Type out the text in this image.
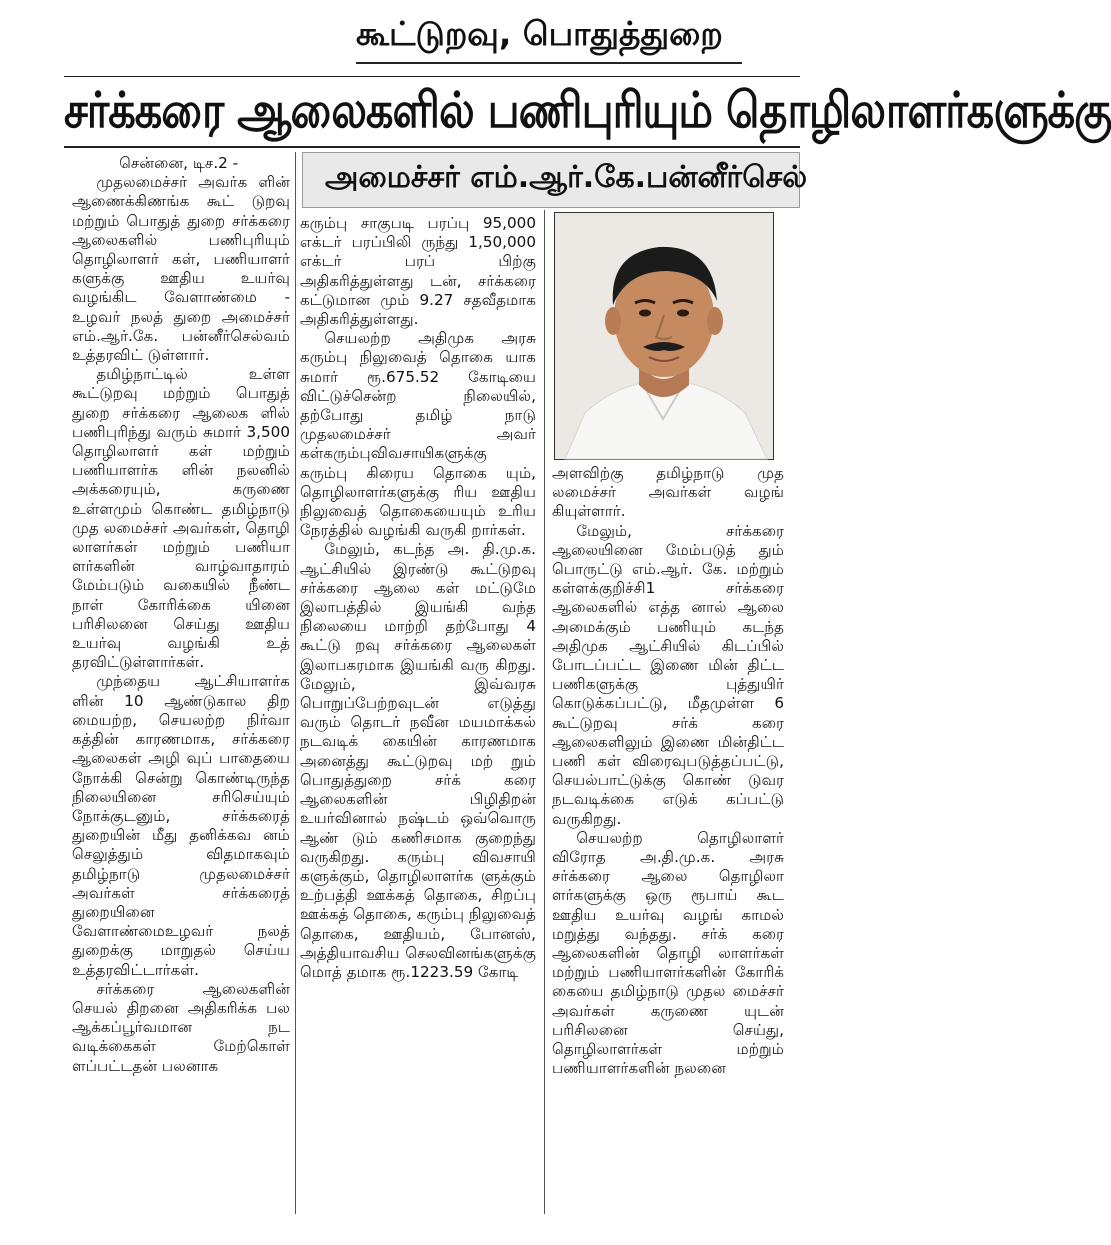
கூட்டுறவு, பொதுத்துறை
சர்க்கரை ஆலைகளில் பணிபுரியும் தொழிலாளர்களுக்கு
அமைச்சர் எம்.ஆர்.கே.பன்னீர்செல்

சென்னை, டிச.2 -

முதலமைச்சர் அவர்க ளின் ஆணைக்கிணங்க கூட் டுறவு மற்றும் பொதுத் துறை சர்க்கரை ஆலைகளில் பணிபுரியும் தொழிலாளர் கள், பணியாளர் களுக்கு ஊதிய உயர்வு வழங்கிட வேளாண்மை - உழவர் நலத் துறை அமைச்சர் எம்.ஆர்.கே. பன்னீர்செல்வம் உத்தரவிட் டுள்ளார்.

தமிழ்நாட்டில் உள்ள கூட்டுறவு மற்றும் பொதுத் துறை சர்க்கரை ஆலைக ளில் பணிபுரிந்து வரும் சுமார் 3,500 தொழிலாளர் கள் மற்றும் பணியாளர்க ளின் நலனில் அக்கரையும், கருணை உள்ளமும் கொண்ட தமிழ்நாடு முத லமைச்சர் அவர்கள், தொழி லாளர்கள் மற்றும் பணியா ளர்களின் வாழ்வாதாரம் மேம்படும் வகையில் நீண்ட நாள் கோரிக்கை யினை பரிசிலனை செய்து ஊதிய உயர்வு வழங்கி உத் தரவிட்டுள்ளார்கள்.

முந்தைய ஆட்சியாளர்க ளின் 10 ஆண்டுகால திற மையற்ற, செயலற்ற நிர்வா கத்தின் காரணமாக, சர்க்கரை ஆலைகள் அழி வுப் பாதையை நோக்கி சென்று கொண்டிருந்த நிலையினை சரிசெய்யும் நோக்குடனும், சர்க்கரைத் துறையின் மீது தனிக்கவ னம் செலுத்தும் விதமாகவும் தமிழ்நாடு முதலமைச்சர் அவர்கள் சர்க்கரைத் துறையினை வேளாண்மைஉழவர் நலத் துறைக்கு மாறுதல் செய்ய உத்தரவிட்டார்கள்.

சர்க்கரை ஆலைகளின் செயல் திறனை அதிகரிக்க பல ஆக்கப்பூர்வமான நட வடிக்கைகள் மேற்கொள் ளப்பட்டதன் பலனாக

கரும்பு சாகுபடி பரப்பு 95,000 எக்டர் பரப்பிலி ருந்து 1,50,000 எக்டர் பரப் பிற்கு அதிகரித்துள்ளது டன், சர்க்கரை கட்டுமான மும் 9.27 சதவீதமாக அதிகரித்துள்ளது.

செயலற்ற அதிமுக அரசு கரும்பு நிலுவைத் தொகை யாக சுமார் ரூ.675.52 கோடியை விட்டுச்சென்ற நிலையில், தற்போது தமிழ் நாடு முதலமைச்சர் அவர் கள்கரும்புவிவசாயிகளுக்கு கரும்பு கிரைய தொகை யும், தொழிலாளர்களுக்கு ரிய ஊதிய நிலுவைத் தொகையையும் உரிய நேரத்தில் வழங்கி வருகி றார்கள்.

மேலும், கடந்த அ. தி.மு.க. ஆட்சியில் இரண்டு கூட்டுறவு சர்க்கரை ஆலை கள் மட்டுமே இலாபத்தில் இயங்கி வந்த நிலையை மாற்றி தற்போது 4 கூட்டு றவு சர்க்கரை ஆலைகள் இலாபகரமாக இயங்கி வரு கிறது. மேலும், இவ்வரசு பொறுப்பேற்றவுடன் எடுத்து வரும் தொடர் நவீன மயமாக்கல் நடவடிக் கையின் காரணமாக அனைத்து கூட்டுறவு மற் றும் பொதுத்துறை சர்க் கரை ஆலைகளின் பிழிதிறன் உயர்வினால் நஷ்டம் ஒவ்வொரு ஆண் டும் கணிசமாக குறைந்து வருகிறது. கரும்பு விவசாயி களுக்கும், தொழிலாளர்க ளுக்கும் உற்பத்தி ஊக்கத் தொகை, சிறப்பு ஊக்கத் தொகை, கரும்பு நிலுவைத் தொகை, ஊதியம், போனஸ், அத்தியாவசிய செலவினங்களுக்கு மொத் தமாக ரூ.1223.59 கோடி

அளவிற்கு தமிழ்நாடு முத லமைச்சர் அவர்கள் வழங் கியுள்ளார்.

மேலும், சர்க்கரை ஆலையினை மேம்படுத் தும் பொருட்டு எம்.ஆர். கே. மற்றும் கள்ளக்குறிச்சி1 சர்க்கரை ஆலைகளில் எத்த னால் ஆலை அமைக்கும் பணியும் கடந்த அதிமுக ஆட்சியில் கிடப்பில் போடப்பட்ட இணை மின் திட்ட பணிகளுக்கு புத்துயிர் கொடுக்கப்பட்டு, மீதமுள்ள 6 கூட்டுறவு சர்க் கரை ஆலைகளிலும் இணை மின்திட்ட பணி கள் விரைவுபடுத்தப்பட்டு, செயல்பாட்டுக்கு கொண் டுவர நடவடிக்கை எடுக் கப்பட்டு வருகிறது.

செயலற்ற தொழிலாளர் விரோத அ.தி.மு.க. அரசு சர்க்கரை ஆலை தொழிலா ளர்களுக்கு ஒரு ரூபாய் கூட ஊதிய உயர்வு வழங் காமல் மறுத்து வந்தது. சர்க் கரை ஆலைகளின் தொழி லாளர்கள் மற்றும் பணியாளர்களின் கோரிக் கையை தமிழ்நாடு முதல மைச்சர் அவர்கள் கருணை யுடன் பரிசிலனை செய்து, தொழிலாளர்கள் மற்றும் பணியாளர்களின் நலனை
